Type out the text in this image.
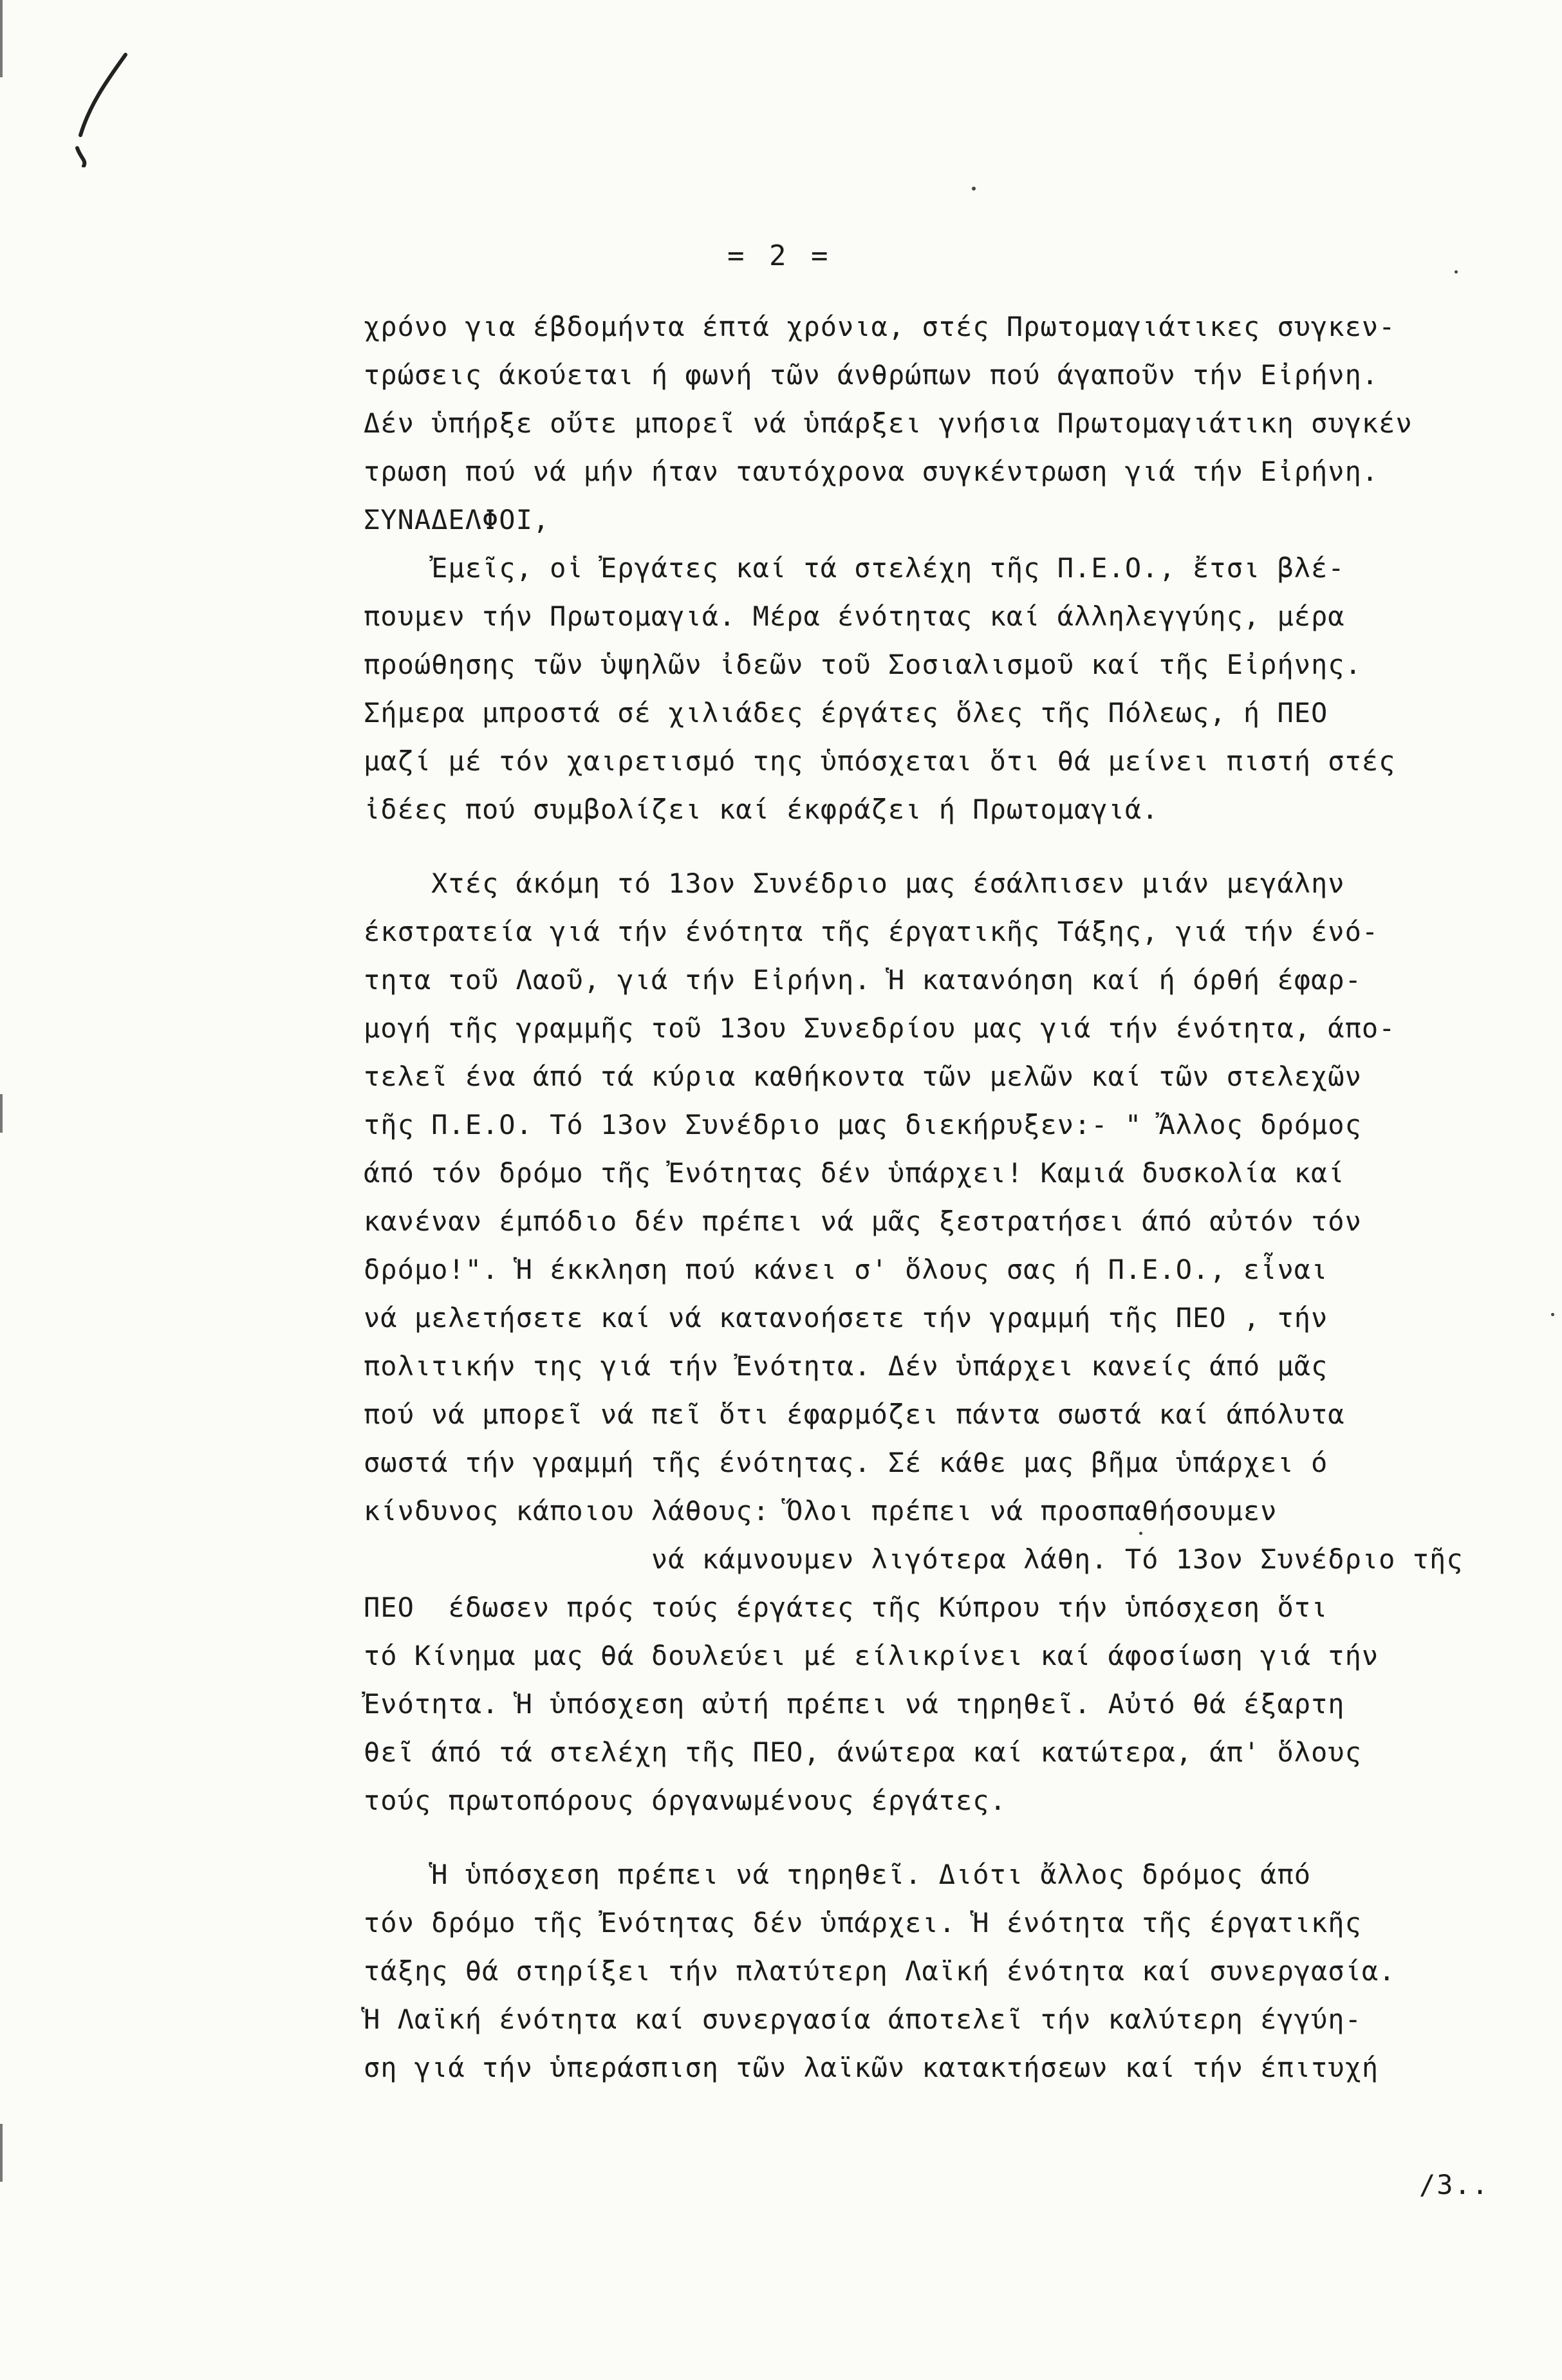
= 2 =
χρόνο για έβδομήντα έπτά χρόνια, στές Πρωτομαγιάτικες συγκεν-
τρώσεις άκούεται ή φωνή τῶν άνθρώπων πού άγαποῦν τήν Εἰρήνη.
Δέν ὑπήρξε οὔτε μπορεῖ νά ὑπάρξει γνήσια Πρωτομαγιάτικη συγκέν
τρωση πού νά μήν ήταν ταυτόχρονα συγκέντρωση γιά τήν Εἰρήνη.
ΣΥΝΑΔΕΛΦΟΙ,
Ἐμεῖς, οἱ Ἐργάτες καί τά στελέχη τῆς Π.Ε.Ο., ἔτσι βλέ-
πουμεν τήν Πρωτομαγιά. Μέρα ένότητας καί άλληλεγγύης, μέρα
προώθησης τῶν ὑψηλῶν ἰδεῶν τοῦ Σοσιαλισμοῦ καί τῆς Εἰρήνης.
Σήμερα μπροστά σέ χιλιάδες έργάτες ὅλες τῆς Πόλεως, ή ΠΕΟ
μαζί μέ τόν χαιρετισμό της ὑπόσχεται ὅτι θά μείνει πιστή στές
ἰδέες πού συμβολίζει καί έκφράζει ή Πρωτομαγιά.
Χτές άκόμη τό 13ον Συνέδριο μας έσάλπισεν μιάν μεγάλην
έκστρατεία γιά τήν ένότητα τῆς έργατικῆς Τάξης, γιά τήν ένό-
τητα τοῦ Λαοῦ, γιά τήν Εἰρήνη. Ἡ κατανόηση καί ή όρθή έφαρ-
μογή τῆς γραμμῆς τοῦ 13ου Συνεδρίου μας γιά τήν ένότητα, άπο-
τελεῖ ένα άπό τά κύρια καθήκοντα τῶν μελῶν καί τῶν στελεχῶν
τῆς Π.Ε.Ο. Τό 13ον Συνέδριο μας διεκήρυξεν:- " Ἄλλος δρόμος
άπό τόν δρόμο τῆς Ἐνότητας δέν ὑπάρχει! Καμιά δυσκολία καί
κανέναν έμπόδιο δέν πρέπει νά μᾶς ξεστρατήσει άπό αὐτόν τόν
δρόμο!". Ἡ έκκληση πού κάνει σ' ὅλους σας ή Π.Ε.Ο., εἶναι
νά μελετήσετε καί νά κατανοήσετε τήν γραμμή τῆς ΠΕΟ , τήν
πολιτικήν της γιά τήν Ἐνότητα. Δέν ὑπάρχει κανείς άπό μᾶς
πού νά μπορεῖ νά πεῖ ὅτι έφαρμόζει πάντα σωστά καί άπόλυτα
σωστά τήν γραμμή τῆς ένότητας. Σέ κάθε μας βῆμα ὑπάρχει ό
κίνδυνος κάποιου λάθους: Ὅλοι πρέπει νά προσπαθήσουμεν
νά κάμνουμεν λιγότερα λάθη. Τό 13ον Συνέδριο τῆς
ΠΕΟ  έδωσεν πρός τούς έργάτες τῆς Κύπρου τήν ὑπόσχεση ὅτι
τό Κίνημα μας θά δουλεύει μέ είλικρίνει καί άφοσίωση γιά τήν
Ἐνότητα. Ἡ ὑπόσχεση αὐτή πρέπει νά τηρηθεῖ. Αὐτό θά έξαρτη
θεῖ άπό τά στελέχη τῆς ΠΕΟ, άνώτερα καί κατώτερα, άπ' ὅλους
τούς πρωτοπόρους όργανωμένους έργάτες.
Ἡ ὑπόσχεση πρέπει νά τηρηθεῖ. Διότι ἄλλος δρόμος άπό
τόν δρόμο τῆς Ἐνότητας δέν ὑπάρχει. Ἡ ένότητα τῆς έργατικῆς
τάξης θά στηρίξει τήν πλατύτερη Λαϊκή ένότητα καί συνεργασία.
Ἡ Λαϊκή ένότητα καί συνεργασία άποτελεῖ τήν καλύτερη έγγύη-
ση γιά τήν ὑπεράσπιση τῶν λαϊκῶν κατακτήσεων καί τήν έπιτυχή
/3..
